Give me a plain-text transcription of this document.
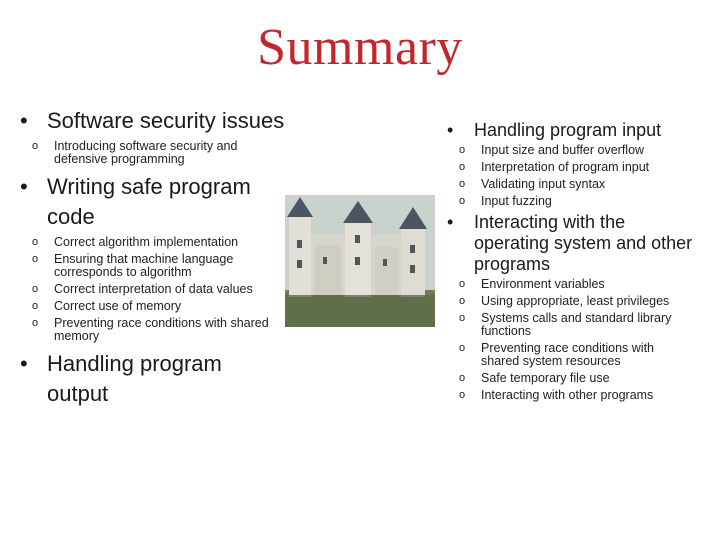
Summary
• Software security issues
o Introducing software security and defensive programming
• Writing safe program code
o Correct algorithm implementation
o Ensuring that machine language corresponds to algorithm
o Correct interpretation of data values
o Correct use of memory
o Preventing race conditions with shared memory
• Handling program output
• Handling program input
o Input size and buffer overflow
o Interpretation of program input
o Validating input syntax
o Input fuzzing
• Interacting with the operating system and other programs
o Environment variables
o Using appropriate, least privileges
o Systems calls and standard library functions
o Preventing race conditions with shared system resources
o Safe temporary file use
o Interacting with other programs
